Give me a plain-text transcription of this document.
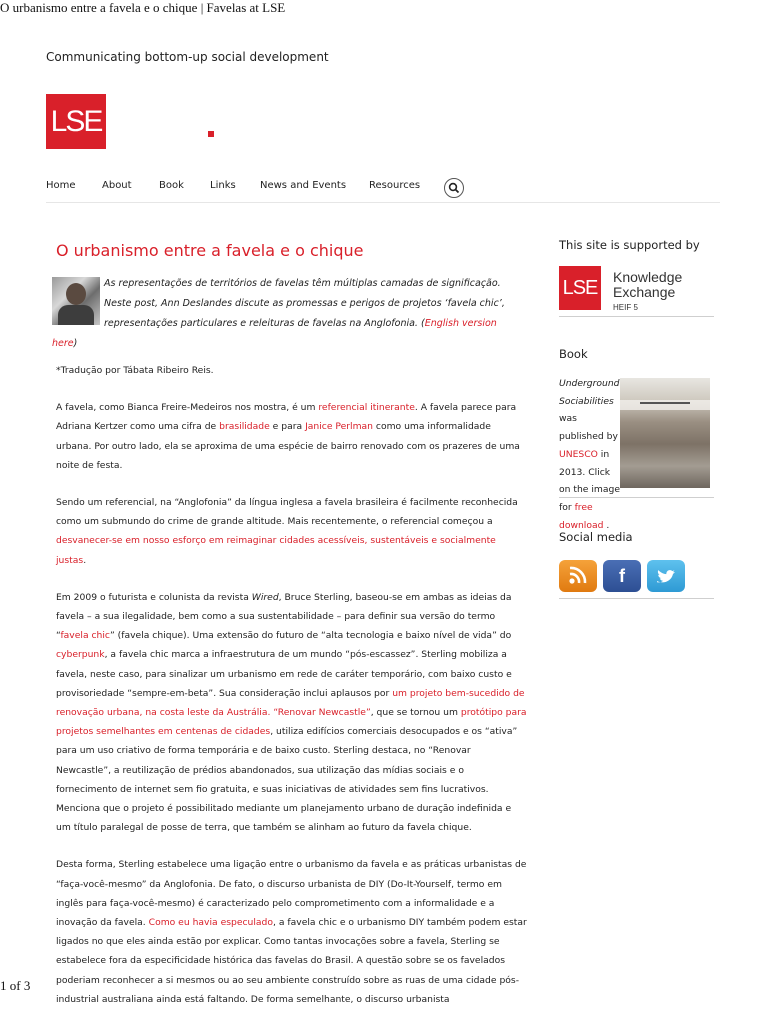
O urbanismo entre a favela e o chique | Favelas at LSE
Communicating bottom-up social development
LSE
Home	About	Book	Links News and Events Resources
O urbanismo entre a favela e o chique

As representações de territórios de favelas têm múltiplas camadas de significação. Neste post, Ann Deslandes discute as promessas e perigos de projetos ‘favela chic’, representações particulares e releituras de favelas na Anglofonia. (English version here)

*Tradução por Tábata Ribeiro Reis.

A favela, como Bianca Freire-Medeiros nos mostra, é um referencial itinerante. A favela parece para Adriana Kertzer como uma cifra de brasilidade e para Janice Perlman como uma informalidade urbana. Por outro lado, ela se aproxima de uma espécie de bairro renovado com os prazeres de uma noite de festa.

Sendo um referencial, na “Anglofonia” da língua inglesa a favela brasileira é facilmente reconhecida como um submundo do crime de grande altitude. Mais recentemente, o referencial começou a desvanecer-se em nosso esforço em reimaginar cidades acessíveis, sustentáveis e socialmente justas.

Em 2009 o futurista e colunista da revista Wired, Bruce Sterling, baseou-se em ambas as ideias da favela – a sua ilegalidade, bem como a sua sustentabilidade – para definir sua versão do termo “favela chic” (favela chique). Uma extensão do futuro de “alta tecnologia e baixo nível de vida” do cyberpunk, a favela chic marca a infraestrutura de um mundo “pós-escassez”. Sterling mobiliza a favela, neste caso, para sinalizar um urbanismo em rede de caráter temporário, com baixo custo e provisoriedade “sempre-em-beta”. Sua consideração inclui aplausos por um projeto bem-sucedido de renovação urbana, na costa leste da Austrália. “Renovar Newcastle”, que se tornou um protótipo para projetos semelhantes em centenas de cidades, utiliza edifícios comerciais desocupados e os “ativa” para um uso criativo de forma temporária e de baixo custo. Sterling destaca, no “Renovar Newcastle”, a reutilização de prédios abandonados, sua utilização das mídias sociais e o fornecimento de internet sem fio gratuita, e suas iniciativas de atividades sem fins lucrativos. Menciona que o projeto é possibilitado mediante um planejamento urbano de duração indefinida e um título paralegal de posse de terra, que também se alinham ao futuro da favela chique.

Desta forma, Sterling estabelece uma ligação entre o urbanismo da favela e as práticas urbanistas de “faça-você-mesmo” da Anglofonia. De fato, o discurso urbanista de DIY (Do-It-Yourself, termo em inglês para faça-você-mesmo) é caracterizado pelo comprometimento com a informalidade e a inovação da favela. Como eu havia especulado, a favela chic e o urbanismo DIY também podem estar ligados no que eles ainda estão por explicar. Como tantas invocações sobre a favela, Sterling se estabelece fora da especificidade histórica das favelas do Brasil. A questão sobre se os favelados poderiam reconhecer a si mesmos ou ao seu ambiente construído sobre as ruas de uma cidade pós-industrial australiana ainda está faltando. De forma semelhante, o discurso urbanista

This site is supported by
LSE Knowledge
Exchange
HEIF 5
Book
Underground Sociabilities was published by UNESCO in 2013. Click on the image for free download .
Social media
f
1 of 3
